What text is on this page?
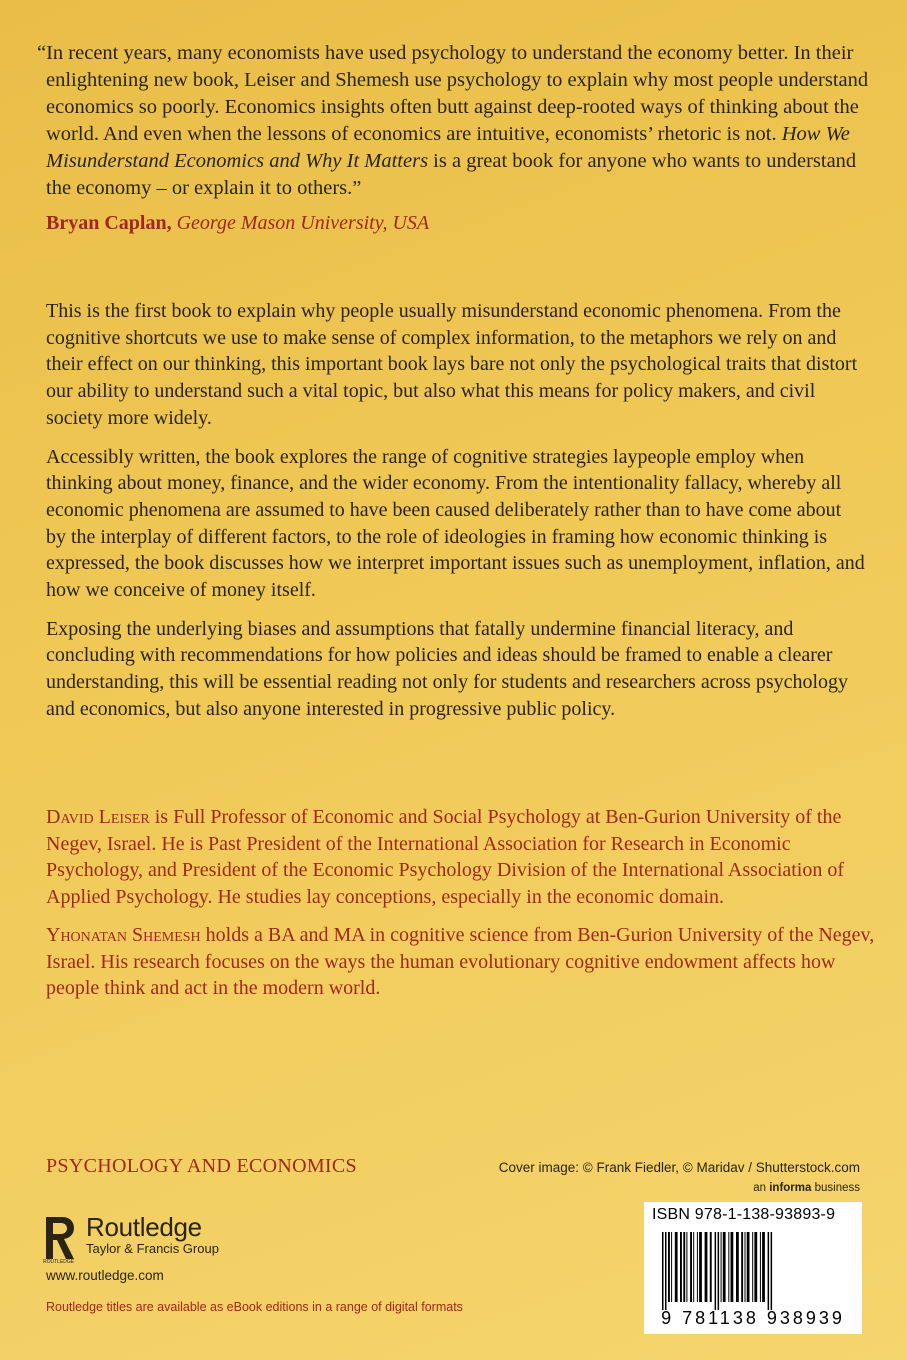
“In recent years, many economists have used psychology to understand the economy better. In their enlightening new book, Leiser and Shemesh use psychology to explain why most people understand economics so poorly. Economics insights often butt against deep-rooted ways of thinking about the world. And even when the lessons of economics are intuitive, economists’ rhetoric is not. How We Misunderstand Economics and Why It Matters is a great book for anyone who wants to understand the economy – or explain it to others.”

Bryan Caplan, George Mason University, USA

This is the first book to explain why people usually misunderstand economic phenomena. From the cognitive shortcuts we use to make sense of complex information, to the metaphors we rely on and their effect on our thinking, this important book lays bare not only the psychological traits that distort our ability to understand such a vital topic, but also what this means for policy makers, and civil society more widely.

Accessibly written, the book explores the range of cognitive strategies laypeople employ when thinking about money, finance, and the wider economy. From the intentionality fallacy, whereby all economic phenomena are assumed to have been caused deliberately rather than to have come about by the interplay of different factors, to the role of ideologies in framing how economic thinking is expressed, the book discusses how we interpret important issues such as unemployment, inflation, and how we conceive of money itself.

Exposing the underlying biases and assumptions that fatally undermine financial literacy, and concluding with recommendations for how policies and ideas should be framed to enable a clearer understanding, this will be essential reading not only for students and researchers across psychology and economics, but also anyone interested in progressive public policy.

David Leiser is Full Professor of Economic and Social Psychology at Ben-Gurion University of the Negev, Israel. He is Past President of the International Association for Research in Economic Psychology, and President of the Economic Psychology Division of the International Association of Applied Psychology. He studies lay conceptions, especially in the economic domain.

Yhonatan Shemesh holds a BA and MA in cognitive science from Ben-Gurion University of the Negev, Israel. His research focuses on the ways the human evolutionary cognitive endowment affects how people think and act in the modern world.

PSYCHOLOGY AND ECONOMICS	Cover image: © Frank Fiedler, © Maridav / Shutterstock.com
an informa business
ROUTLEDGE
Routledge
Taylor & Francis Group
www.routledge.com
Routledge titles are available as eBook editions in a range of digital formats
ISBN 978-1-138-93893-9
9 781138 938939
